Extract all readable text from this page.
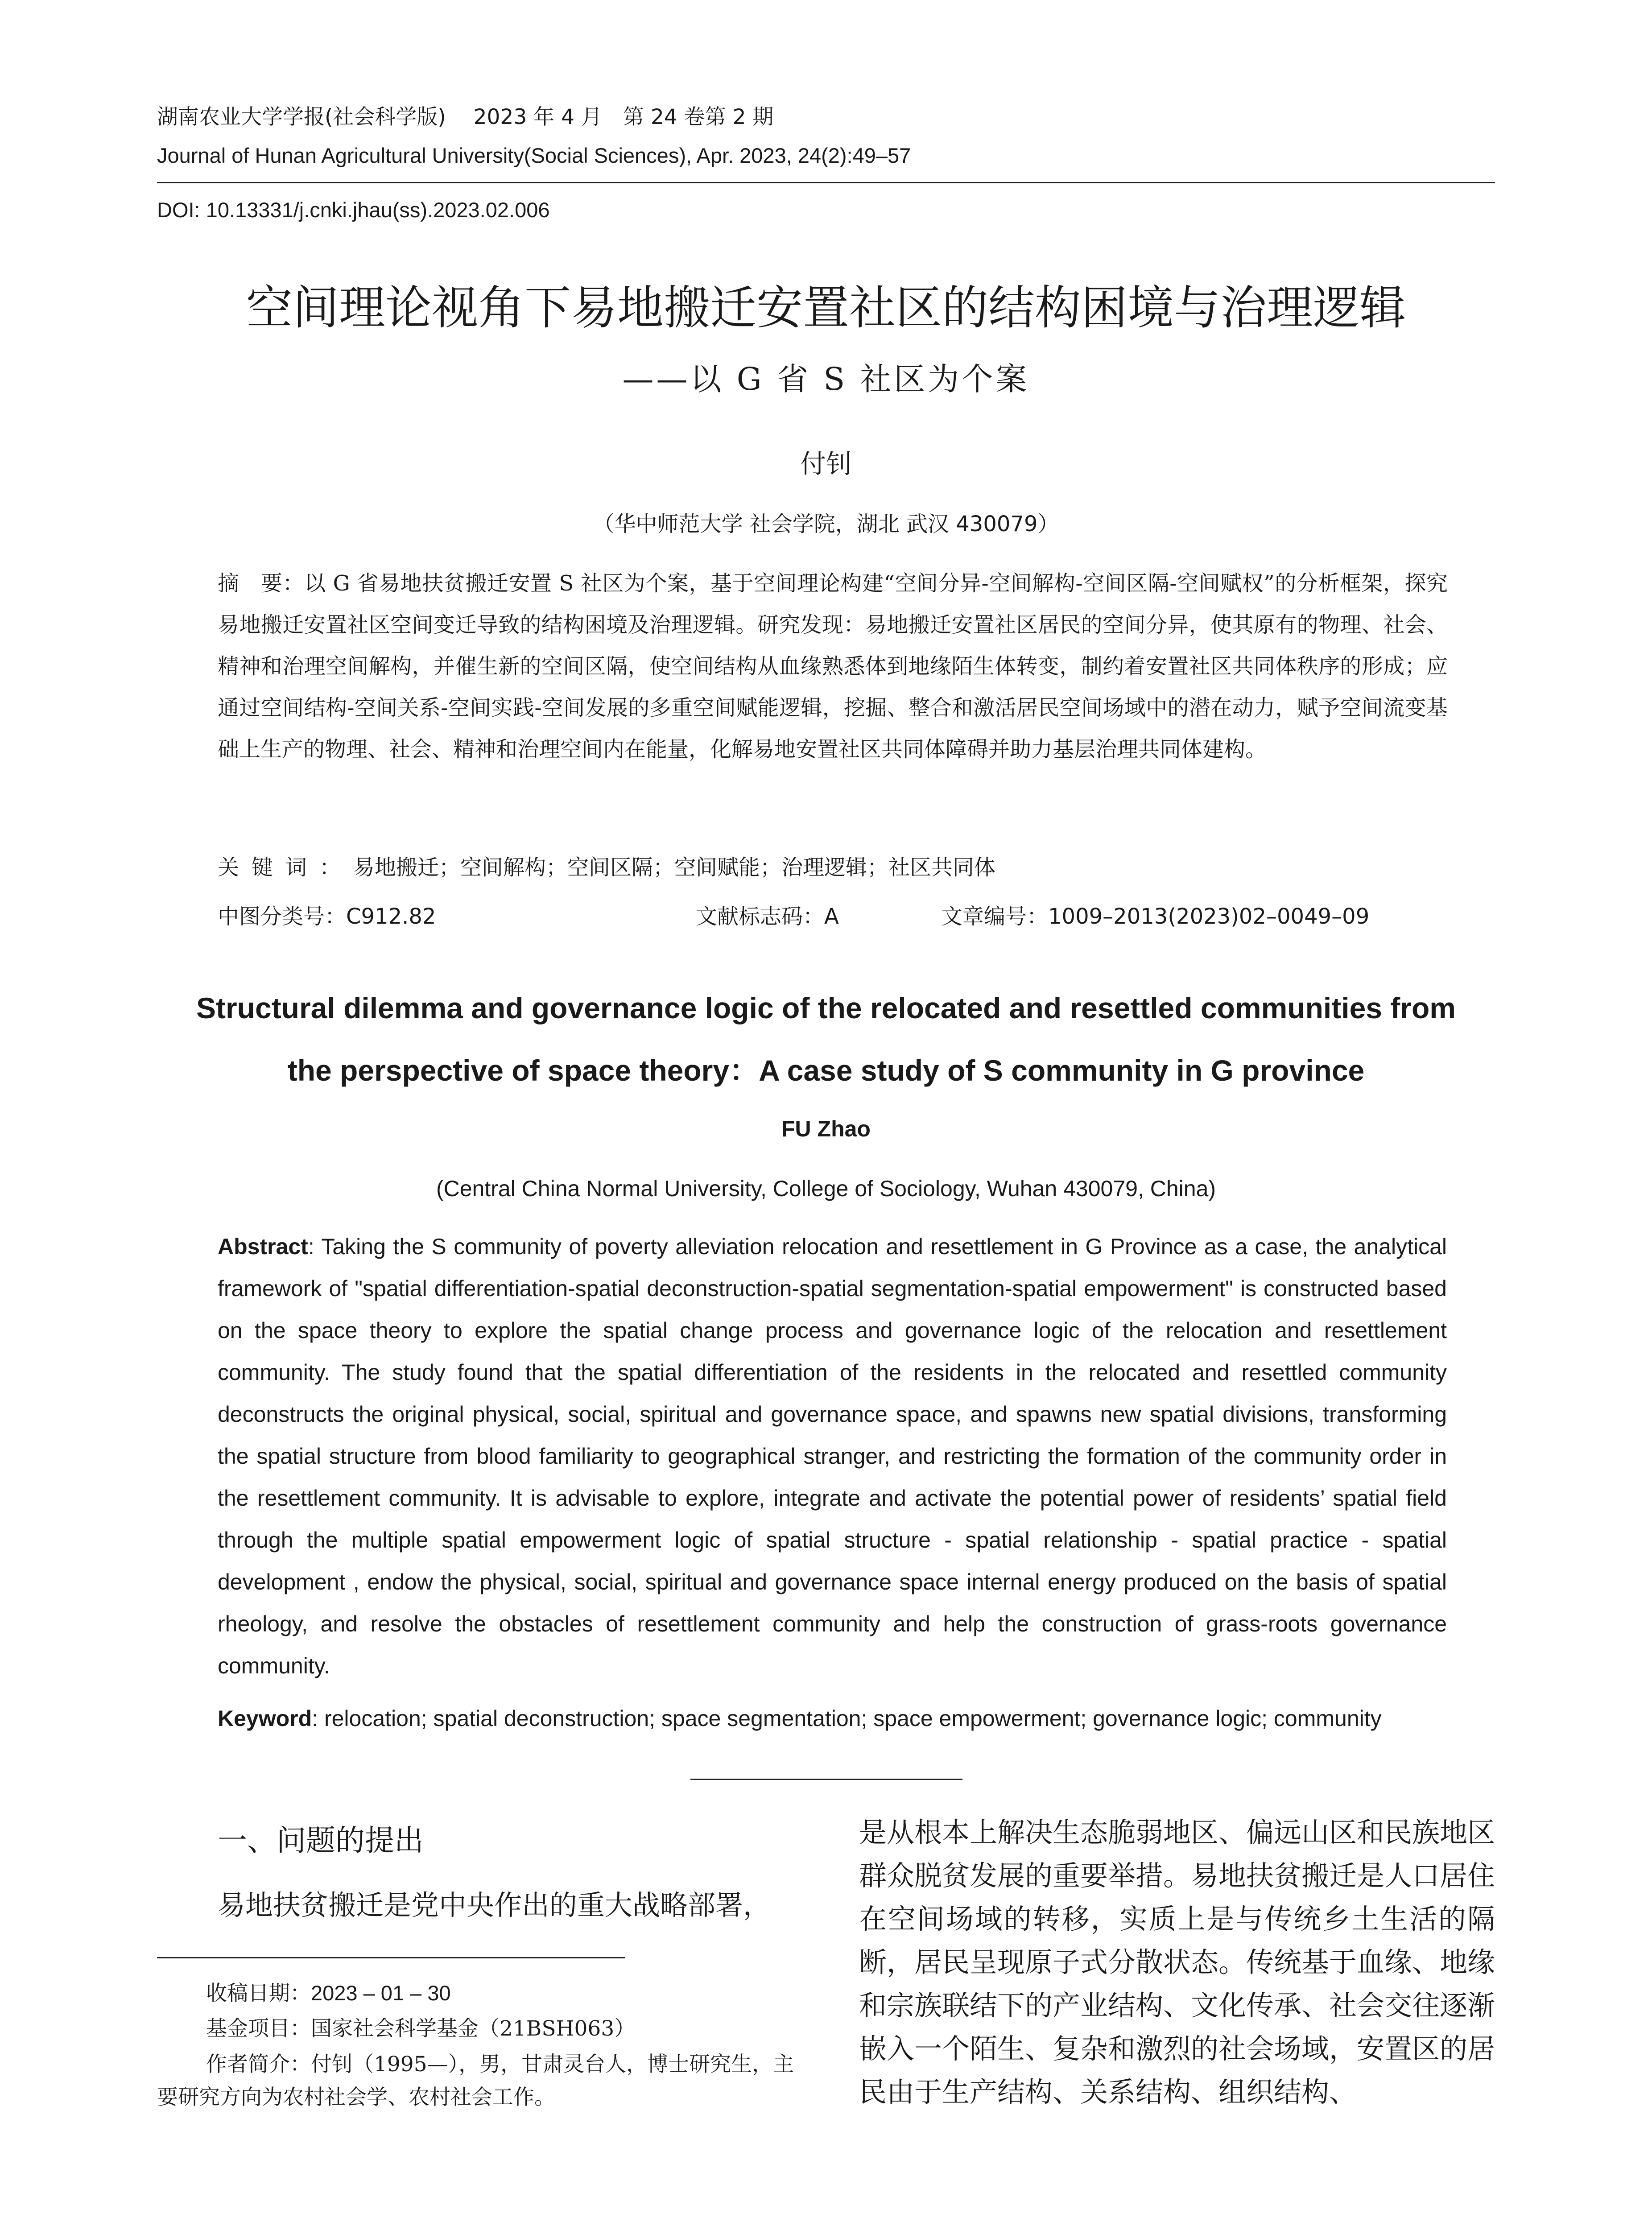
湖南农业大学学报(社会科学版)　 2023 年 4 月　第 24 卷第 2 期
Journal of Hunan Agricultural University(Social Sciences), Apr. 2023, 24(2):49–57
DOI: 10.13331/j.cnki.jhau(ss).2023.02.006
空间理论视角下易地搬迁安置社区的结构困境与治理逻辑
——以 G 省 S 社区为个案
付钊
（华中师范大学 社会学院，湖北 武汉 430079）
摘　要：以 G 省易地扶贫搬迁安置 S 社区为个案，基于空间理论构建“空间分异-空间解构-空间区隔-空间赋权”的分析框架，探究易地搬迁安置社区空间变迁导致的结构困境及治理逻辑。研究发现：易地搬迁安置社区居民的空间分异，使其原有的物理、社会、精神和治理空间解构，并催生新的空间区隔，使空间结构从血缘熟悉体到地缘陌生体转变，制约着安置社区共同体秩序的形成；应通过空间结构-空间关系-空间实践-空间发展的多重空间赋能逻辑，挖掘、整合和激活居民空间场域中的潜在动力，赋予空间流变基础上生产的物理、社会、精神和治理空间内在能量，化解易地安置社区共同体障碍并助力基层治理共同体建构。
关键词：易地搬迁；空间解构；空间区隔；空间赋能；治理逻辑；社区共同体
中图分类号：C912.82	文献标志码：A	文章编号：1009–2013(2023)02–0049–09
Structural dilemma and governance logic of the relocated and resettled communities from
the perspective of space theory：A case study of S community in G province
FU Zhao
(Central China Normal University, College of Sociology, Wuhan 430079, China)
Abstract: Taking the S community of poverty alleviation relocation and resettlement in G Province as a case, the analytical framework of "spatial differentiation-spatial deconstruction-spatial segmentation-spatial empowerment" is constructed based on the space theory to explore the spatial change process and governance logic of the relocation and resettlement community. The study found that the spatial differentiation of the residents in the relocated and resettled community deconstructs the original physical, social, spiritual and governance space, and spawns new spatial divisions, transforming the spatial structure from blood familiarity to geographical stranger, and restricting the formation of the community order in the resettlement community. It is advisable to explore, integrate and activate the potential power of residents’ spatial field through the multiple spatial empowerment logic of spatial structure - spatial relationship - spatial practice - spatial development , endow the physical, social, spiritual and governance space internal energy produced on the basis of spatial rheology, and resolve the obstacles of resettlement community and help the construction of grass-roots governance community.
Keyword: relocation; spatial deconstruction; space segmentation; space empowerment; governance logic; community
一、问题的提出
易地扶贫搬迁是党中央作出的重大战略部署，
收稿日期：2023 – 01 – 30
基金项目：国家社会科学基金（21BSH063）
作者简介：付钊（1995—），男，甘肃灵台人，博士研究生，主要研究方向为农村社会学、农村社会工作。
是从根本上解决生态脆弱地区、偏远山区和民族地区群众脱贫发展的重要举措。易地扶贫搬迁是人口居住在空间场域的转移，实质上是与传统乡土生活的隔断，居民呈现原子式分散状态。传统基于血缘、地缘和宗族联结下的产业结构、文化传承、社会交往逐渐嵌入一个陌生、复杂和激烈的社会场域，安置区的居民由于生产结构、关系结构、组织结构、
